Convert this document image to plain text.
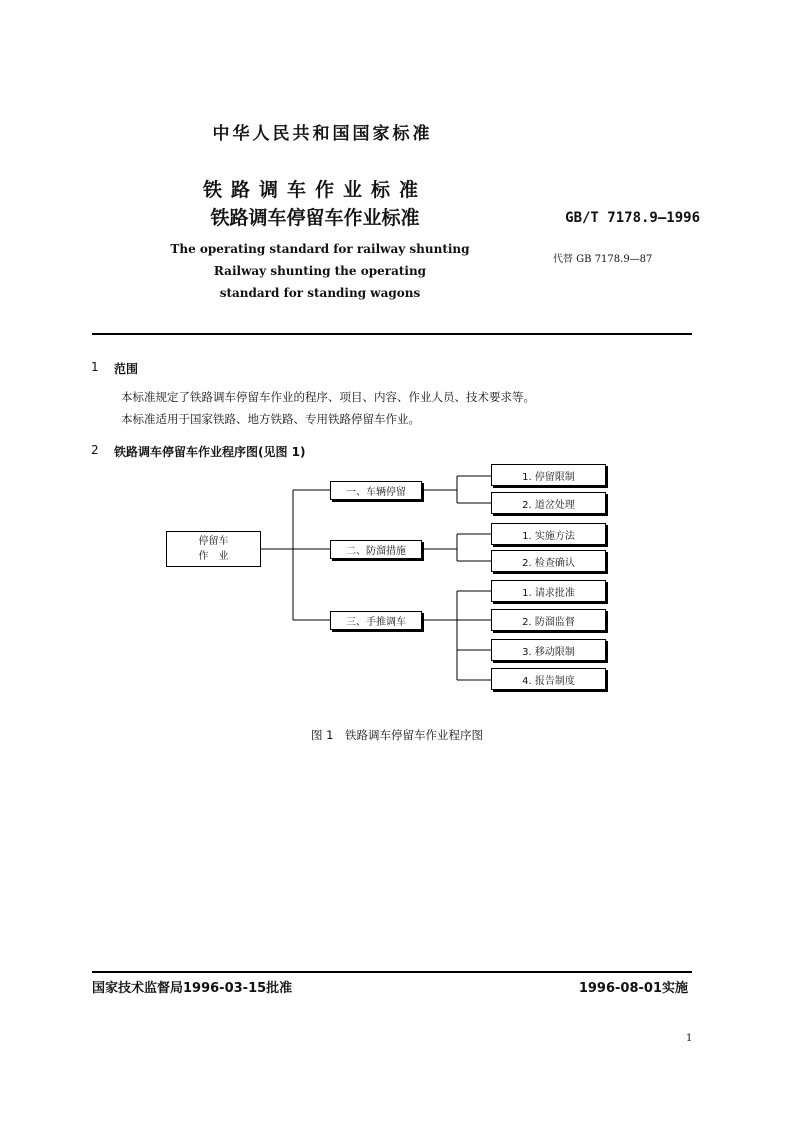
中华人民共和国国家标准
铁路调车作业标准
铁路调车停留车作业标准
The operating standard for railway shunting
Railway shunting the operating
standard for standing wagons
GB/T 7178.9—1996
代替 GB 7178.9—87
1 范围
本标准规定了铁路调车停留车作业的程序、项目、内容、作业人员、技术要求等。
本标准适用于国家铁路、地方铁路、专用铁路停留车作业。
2 铁路调车停留车作业程序图(见图 1)
停留车
作　业
一、车辆停留
二、防溜措施
三、手推调车
1. 停留限制
2. 道岔处理
1. 实施方法
2. 检查确认
1. 请求批准
2. 防溜监督
3. 移动限制
4. 报告制度
图 1　铁路调车停留车作业程序图
国家技术监督局1996-03-15批准	1996-08-01实施
1
